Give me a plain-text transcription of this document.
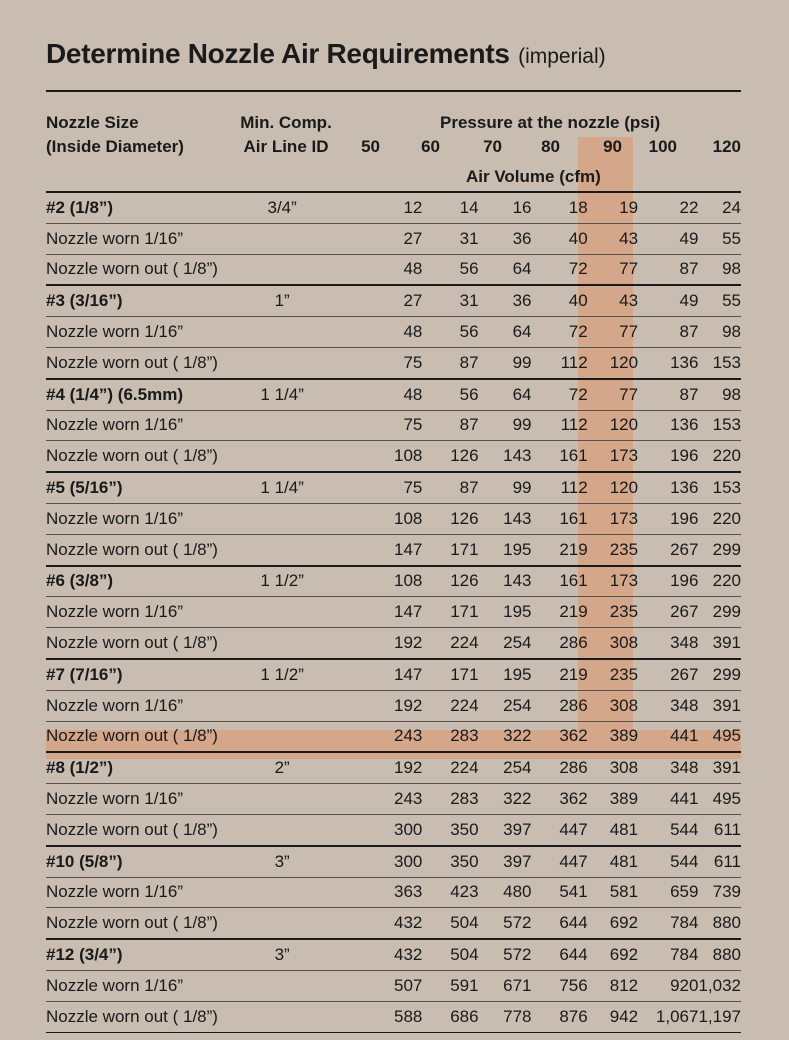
Determine Nozzle Air Requirements (imperial)
Nozzle Size
(Inside Diameter)
Min. Comp.
Air Line ID
Pressure at the nozzle (psi)
50	60	70	80	90	100	120
Air Volume (cfm)
#2 (1/8”)	3/4”		12	14	16	18	19	22	24
Nozzle worn 1/16”			27	31	36	40	43	49	55
Nozzle worn out ( 1/8”)			48	56	64	72	77	87	98
#3 (3/16”)	1”		27	31	36	40	43	49	55
Nozzle worn 1/16”			48	56	64	72	77	87	98
Nozzle worn out ( 1/8”)			75	87	99	112	120	136	153
#4 (1/4”) (6.5mm)	1 1/4”		48	56	64	72	77	87	98
Nozzle worn 1/16”			75	87	99	112	120	136	153
Nozzle worn out ( 1/8”)			108	126	143	161	173	196	220
#5 (5/16”)	1 1/4”		75	87	99	112	120	136	153
Nozzle worn 1/16”			108	126	143	161	173	196	220
Nozzle worn out ( 1/8”)			147	171	195	219	235	267	299
#6 (3/8”)	1 1/2”		108	126	143	161	173	196	220
Nozzle worn 1/16”			147	171	195	219	235	267	299
Nozzle worn out ( 1/8”)			192	224	254	286	308	348	391
#7 (7/16”)	1 1/2”		147	171	195	219	235	267	299
Nozzle worn 1/16”			192	224	254	286	308	348	391
Nozzle worn out ( 1/8”)			243	283	322	362	389	441	495
#8 (1/2”)	2”		192	224	254	286	308	348	391
Nozzle worn 1/16”			243	283	322	362	389	441	495
Nozzle worn out ( 1/8”)			300	350	397	447	481	544	611
#10 (5/8”)	3”		300	350	397	447	481	544	611
Nozzle worn 1/16”			363	423	480	541	581	659	739
Nozzle worn out ( 1/8”)			432	504	572	644	692	784	880
#12 (3/4”)	3”		432	504	572	644	692	784	880
Nozzle worn 1/16”			507	591	671	756	812	920	1,032
Nozzle worn out ( 1/8”)			588	686	778	876	942	1,067	1,197
